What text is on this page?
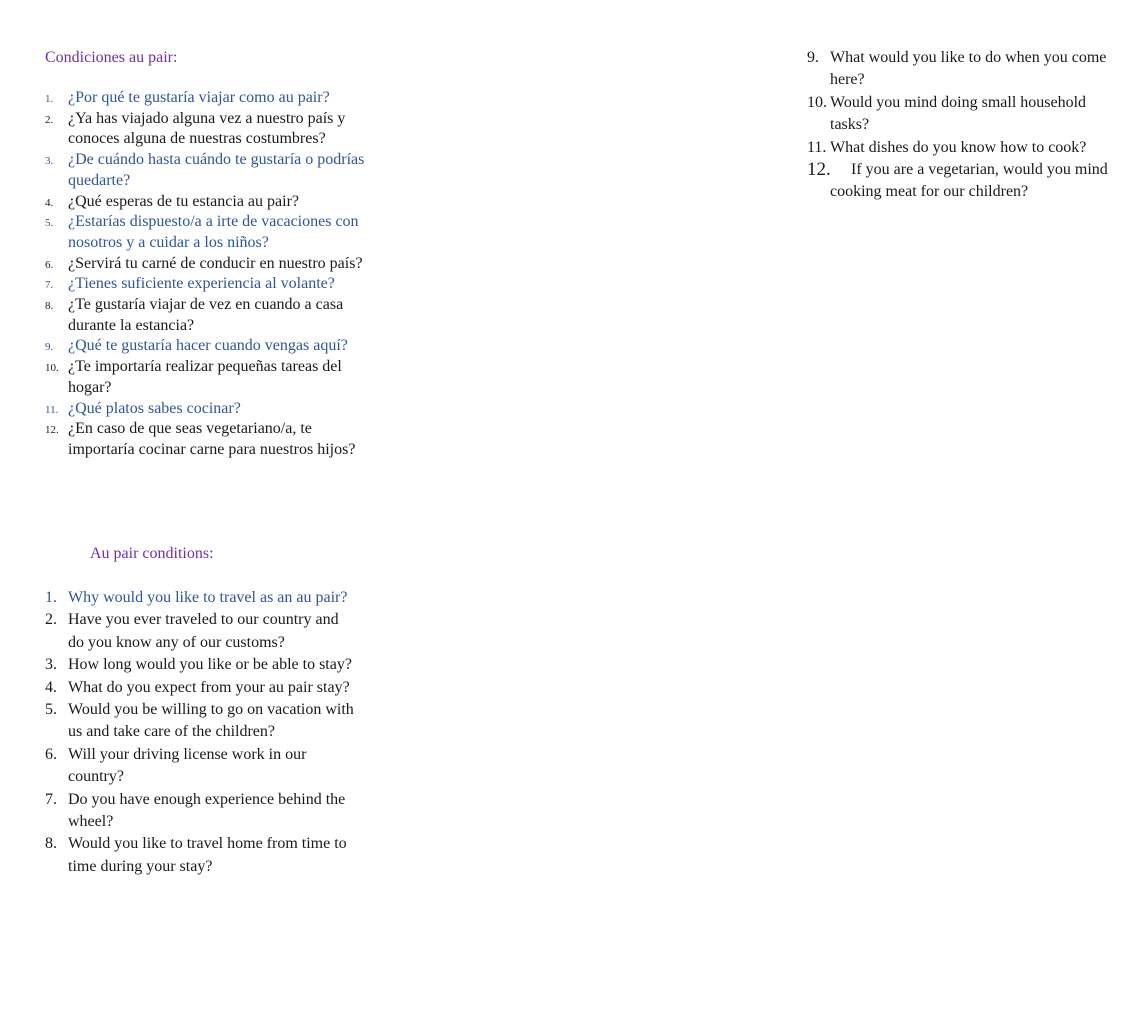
Condiciones au pair:
1. ¿Por qué te gustaría viajar como au pair?
2. ¿Ya has viajado alguna vez a nuestro país y conoces alguna de nuestras costumbres?
3. ¿De cuándo hasta cuándo te gustaría o podrías quedarte?
4. ¿Qué esperas de tu estancia au pair?
5. ¿Estarías dispuesto/a a irte de vacaciones con nosotros y a cuidar a los niños?
6. ¿Servirá tu carné de conducir en nuestro país?
7. ¿Tienes suficiente experiencia al volante?
8. ¿Te gustaría viajar de vez en cuando a casa durante la estancia?
9. ¿Qué te gustaría hacer cuando vengas aquí?
10. ¿Te importaría realizar pequeñas tareas del hogar?
11. ¿Qué platos sabes cocinar?
12. ¿En caso de que seas vegetariano/a, te importaría cocinar carne para nuestros hijos?
Au pair conditions:
1. Why would you like to travel as an au pair?
2. Have you ever traveled to our country and do you know any of our customs?
3. How long would you like or be able to stay?
4. What do you expect from your au pair stay?
5. Would you be willing to go on vacation with us and take care of the children?
6. Will your driving license work in our country?
7. Do you have enough experience behind the wheel?
8. Would you like to travel home from time to time during your stay?
9. What would you like to do when you come here?
10. Would you mind doing small household tasks?
11. What dishes do you know how to cook?
12.	If you are a vegetarian, would you mind cooking meat for our children?
